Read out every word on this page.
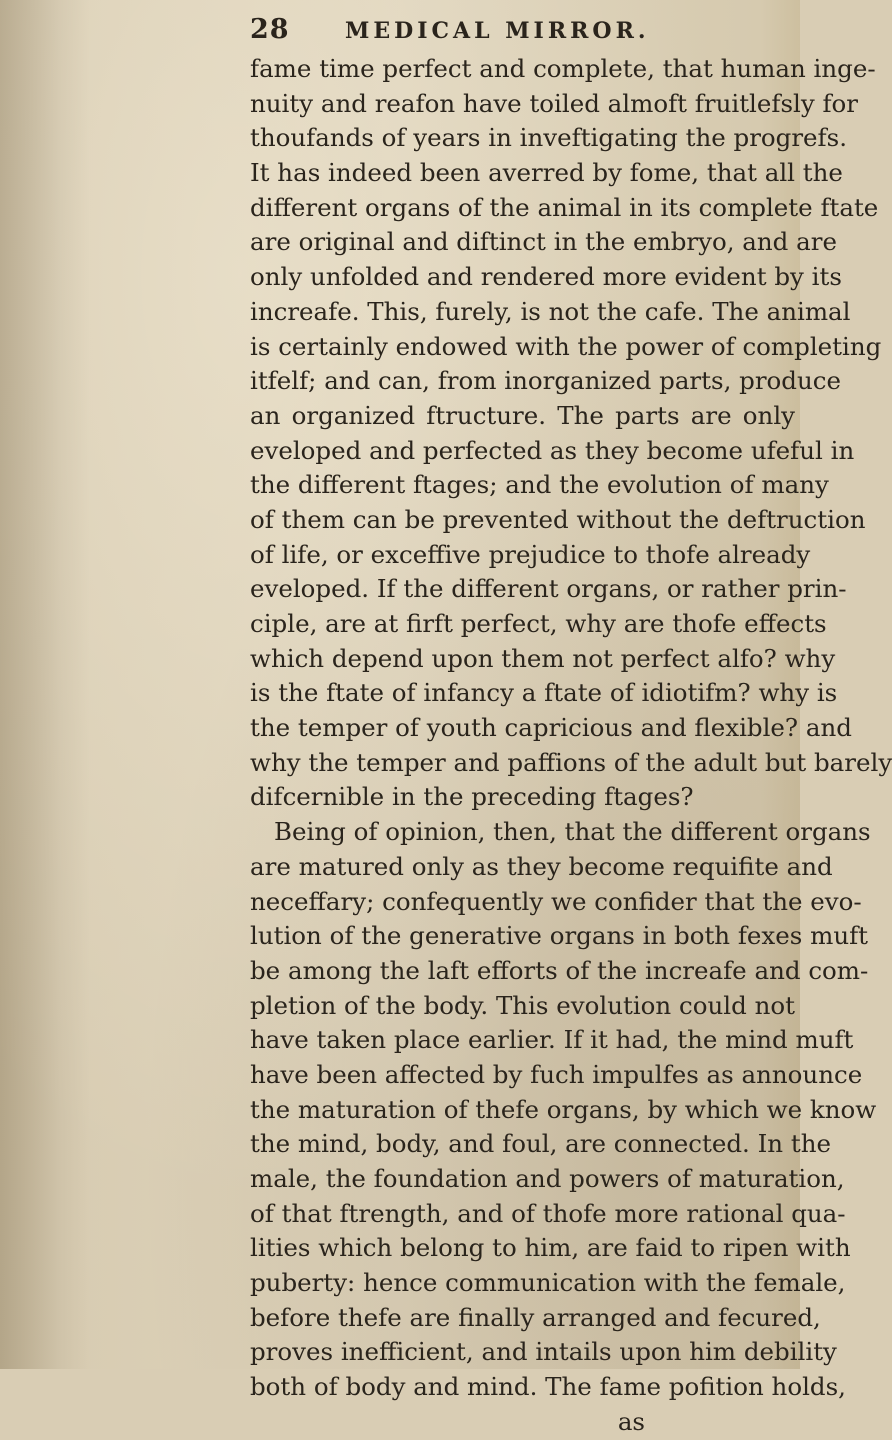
28	MEDICAL MIRROR.
fame time perfect and complete, that human inge-
nuity and reafon have toiled almoft fruitlefsly for
thoufands of years in inveftigating the progrefs.
It has indeed been averred by fome, that all the
different organs of the animal in its complete ftate
are original and diftinct in the embryo, and are
only unfolded and rendered more evident by its
increafe. This, furely, is not the cafe. The animal
is certainly endowed with the power of completing
itfelf; and can, from inorganized parts, produce
an organized ftructure. The parts are only
eveloped and perfected as they become ufeful in
the different ftages; and the evolution of many
of them can be prevented without the deftruction
of life, or exceffive prejudice to thofe already
eveloped. If the different organs, or rather prin-
ciple, are at firft perfect, why are thofe effects
which depend upon them not perfect alfo? why
is the ftate of infancy a ftate of idiotifm? why is
the temper of youth capricious and flexible? and
why the temper and paffions of the adult but barely
difcernible in the preceding ftages?
Being of opinion, then, that the different organs
are matured only as they become requifite and
neceffary; confequently we confider that the evo-
lution of the generative organs in both fexes muft
be among the laft efforts of the increafe and com-
pletion of the body. This evolution could not
have taken place earlier. If it had, the mind muft
have been affected by fuch impulfes as announce
the maturation of thefe organs, by which we know
the mind, body, and foul, are connected. In the
male, the foundation and powers of maturation,
of that ftrength, and of thofe more rational qua-
lities which belong to him, are faid to ripen with
puberty: hence communication with the female,
before thefe are finally arranged and fecured,
proves inefficient, and intails upon him debility
both of body and mind. The fame pofition holds,
as
